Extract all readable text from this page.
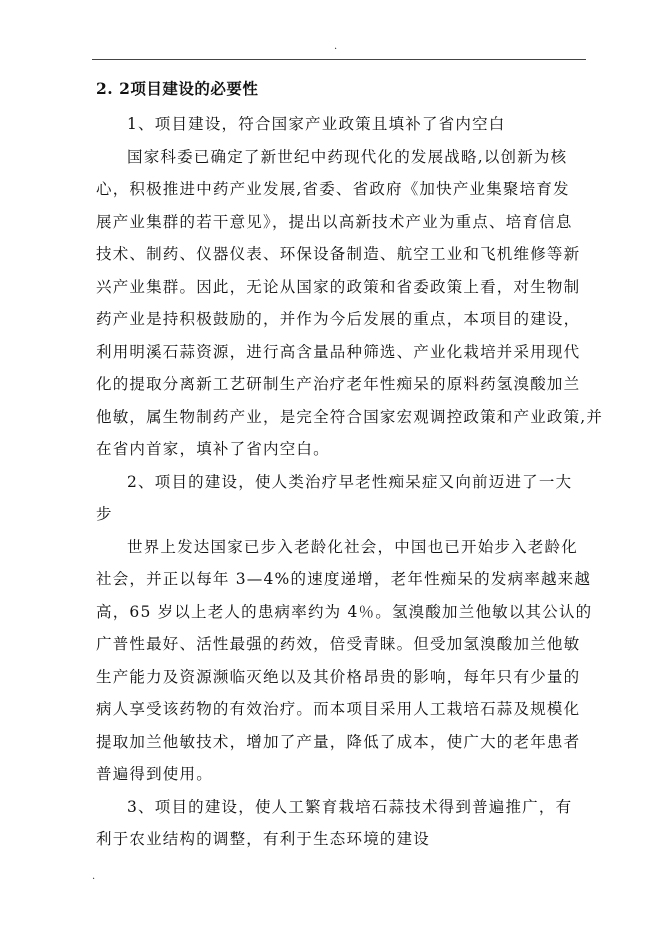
.
2. 2项目建设的必要性
1、项目建设，符合国家产业政策且填补了省内空白
国家科委已确定了新世纪中药现代化的发展战略,以创新为核
心，积极推进中药产业发展,省委、省政府《加快产业集聚培育发
展产业集群的若干意见》，提出以高新技术产业为重点、培育信息
技术、制药、仪器仪表、环保设备制造、航空工业和飞机维修等新
兴产业集群。因此，无论从国家的政策和省委政策上看，对生物制
药产业是持积极鼓励的，并作为今后发展的重点，本项目的建设，
利用明溪石蒜资源，进行高含量品种筛选、产业化栽培并采用现代
化的提取分离新工艺研制生产治疗老年性痴呆的原料药氢溴酸加兰
他敏，属生物制药产业，是完全符合国家宏观调控政策和产业政策,并
在省内首家，填补了省内空白。
2、项目的建设，使人类治疗早老性痴呆症又向前迈进了一大
步
世界上发达国家已步入老龄化社会，中国也已开始步入老龄化
社会，并正以每年 3—4%的速度递增，老年性痴呆的发病率越来越
高，65 岁以上老人的患病率约为 4％。氢溴酸加兰他敏以其公认的
广普性最好、活性最强的药效，倍受青睐。但受加氢溴酸加兰他敏
生产能力及资源濒临灭绝以及其价格昂贵的影响，每年只有少量的
病人享受该药物的有效治疗。而本项目采用人工栽培石蒜及规模化
提取加兰他敏技术，增加了产量，降低了成本，使广大的老年患者
普遍得到使用。
3、项目的建设，使人工繁育栽培石蒜技术得到普遍推广，有
利于农业结构的调整，有利于生态环境的建设
.
